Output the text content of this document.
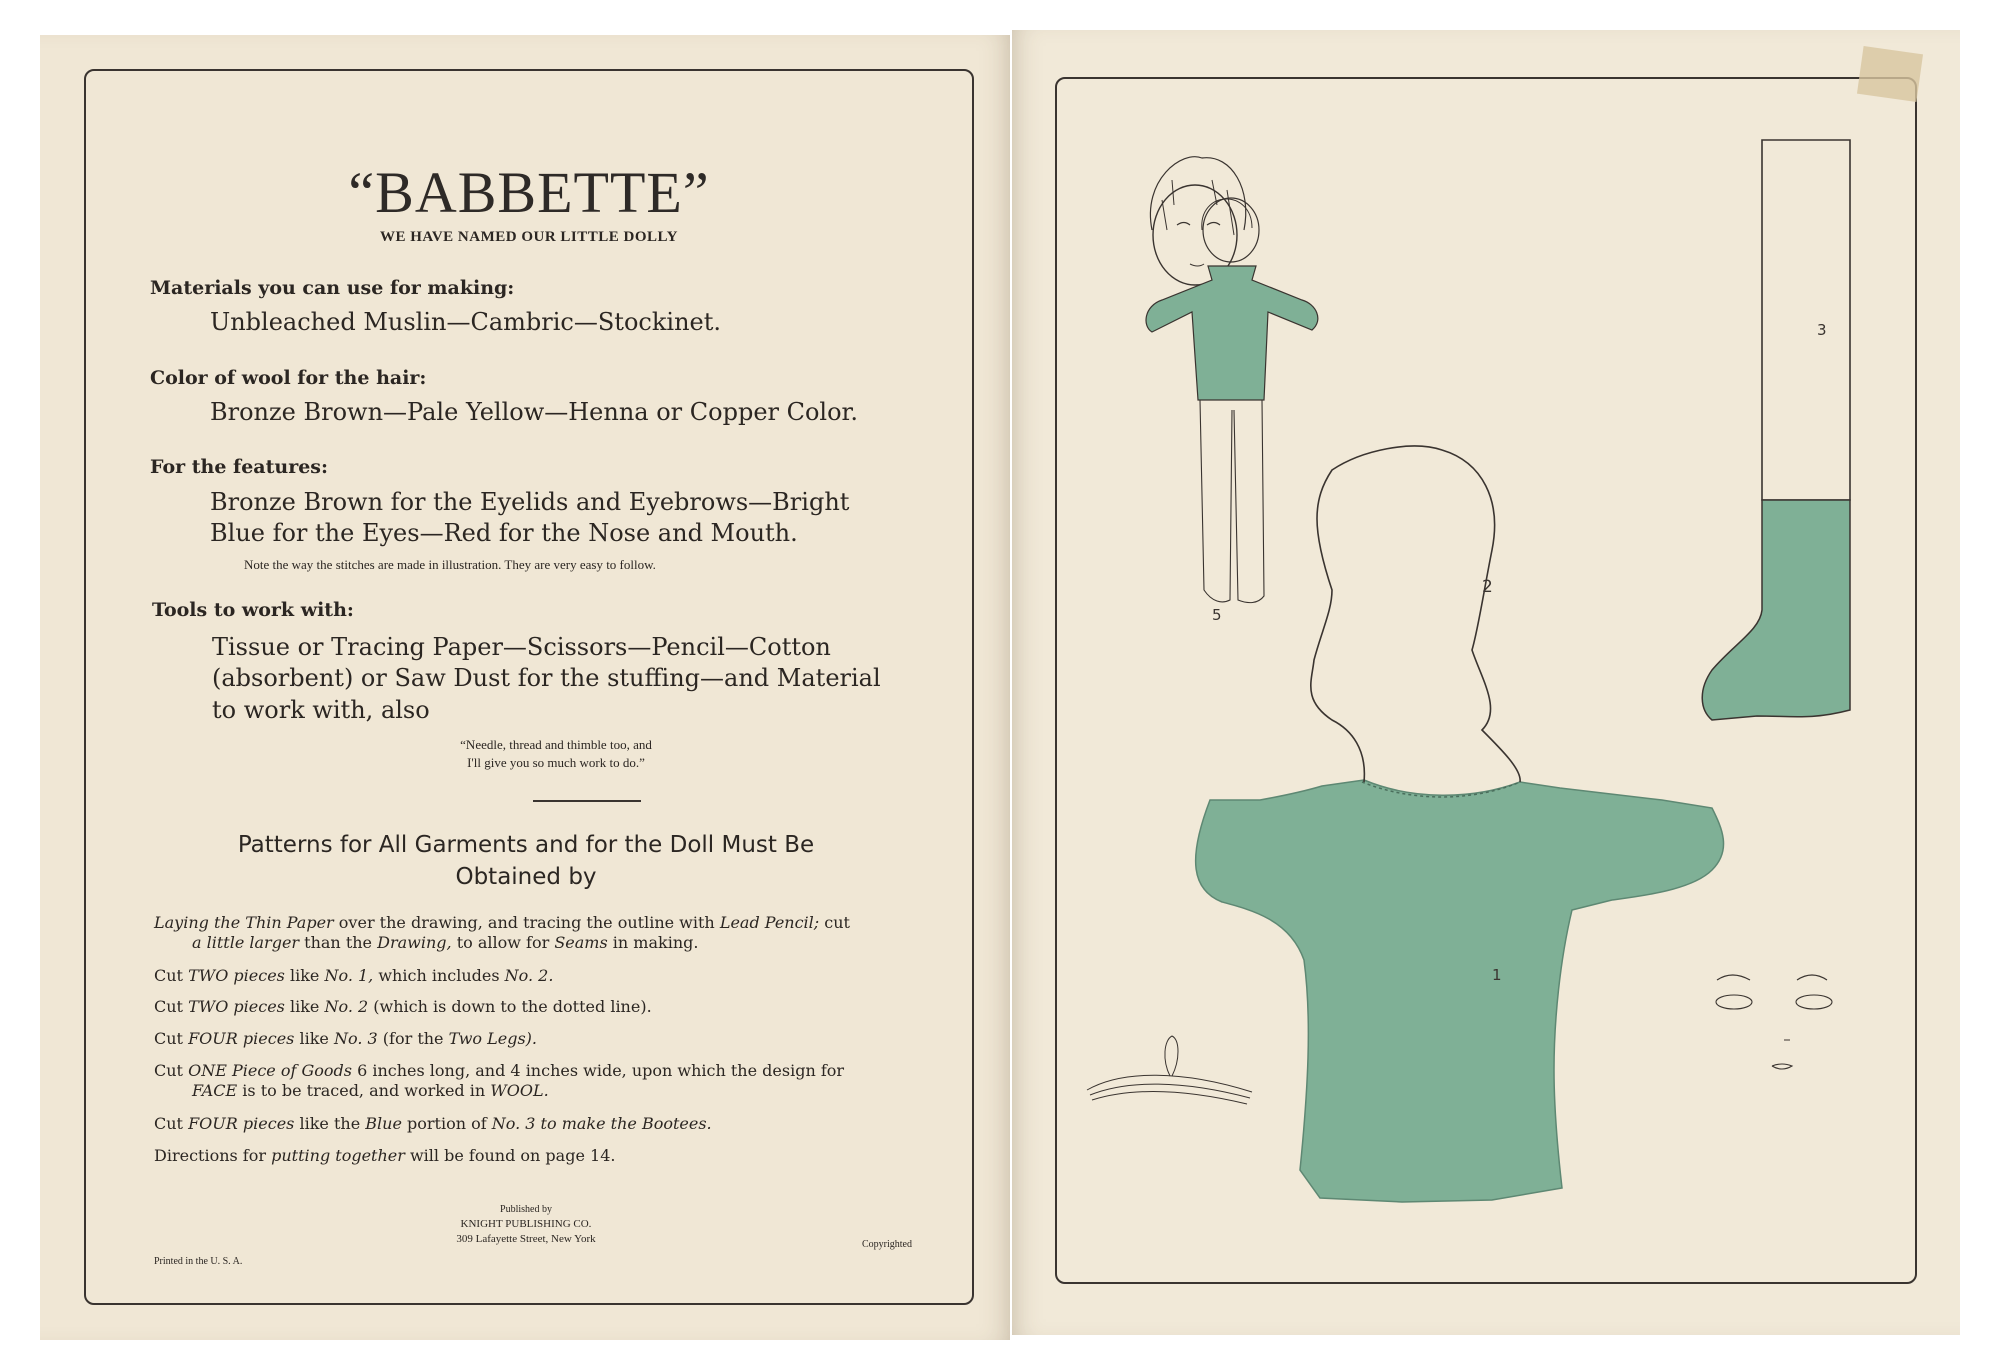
“BABBETTE”
WE HAVE NAMED OUR LITTLE DOLLY
Materials you can use for making:
Unbleached Muslin—Cambric—Stockinet.
Color of wool for the hair:
Bronze Brown—Pale Yellow—Henna or Copper Color.
For the features:
Bronze Brown for the Eyelids and Eyebrows—Bright
Blue for the Eyes—Red for the Nose and Mouth.
Note the way the stitches are made in illustration. They are very easy to follow.
Tools to work with:
Tissue or Tracing Paper—Scissors—Pencil—Cotton
(absorbent) or Saw Dust for the stuffing—and Material
to work with, also
“Needle, thread and thimble too, and
I'll give you so much work to do.”
Patterns for All Garments and for the Doll Must Be
Obtained by
Laying the Thin Paper over the drawing, and tracing the outline with Lead Pencil; cut
a little larger than the Drawing, to allow for Seams in making.
Cut TWO pieces like No. 1, which includes No. 2.
Cut TWO pieces like No. 2 (which is down to the dotted line).
Cut FOUR pieces like No. 3 (for the Two Legs).
Cut ONE Piece of Goods 6 inches long, and 4 inches wide, upon which the design for
FACE is to be traced, and worked in WOOL.
Cut FOUR pieces like the Blue portion of No. 3 to make the Bootees.
Directions for putting together will be found on page 14.
Published by
KNIGHT PUBLISHING CO.
309 Lafayette Street, New York
Printed in the U. S. A.
Copyrighted
1
2
3
5
